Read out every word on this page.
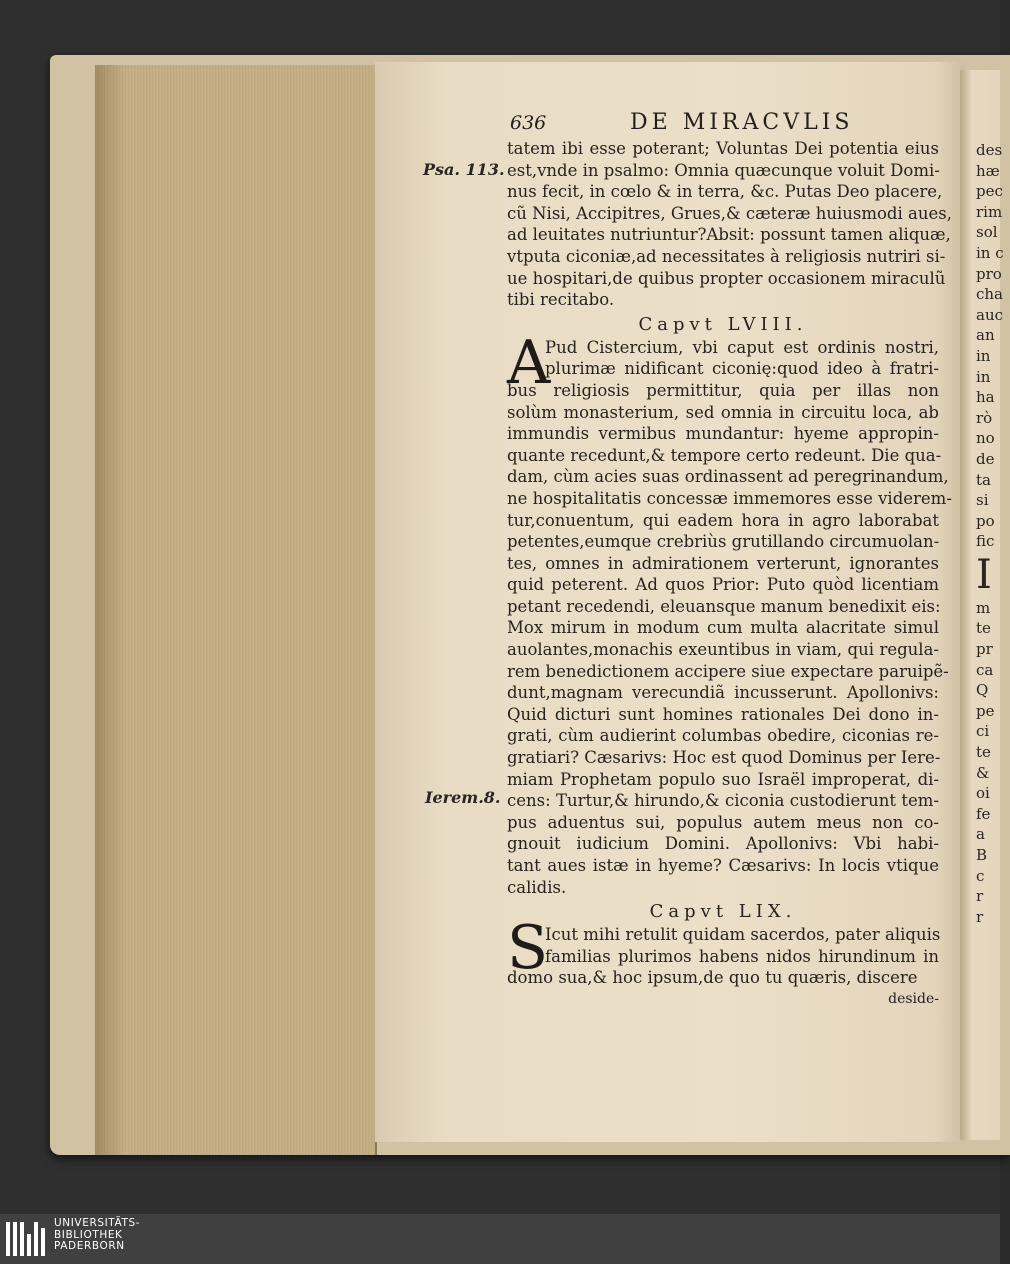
des
hæ
pec
rim
sol
in c
pro
cha
auc
an
in
in
ha
rò
no
de
ta
si
po
fic
I
m
te
pr
ca
Q
pe
ci
te
&
oi
fe
a
B
c
r
r
636	DE MIRACVLIS
Psa. 113.
Ierem.8.
tatem ibi esse poterant; Voluntas Dei potentia eius
est,vnde in psalmo: Omnia quæcunque voluit Domi-
nus fecit, in cœlo & in terra, &c. Putas Deo placere,
cũ Nisi, Accipitres, Grues,& cæteræ huiusmodi aues,
ad leuitates nutriuntur?Absit: possunt tamen aliquæ,
vtputa ciconiæ,ad necessitates à religiosis nutriri si-
ue hospitari,de quibus propter occasionem miraculũ
tibi recitabo.
Capvt LVIII.
A
Pud Cistercium, vbi caput est ordinis nostri,
plurimæ nidificant ciconię:quod ideo à fratri-
bus religiosis permittitur, quia per illas non
solùm monasterium, sed omnia in circuitu loca, ab
immundis vermibus mundantur: hyeme appropin-
quante recedunt,& tempore certo redeunt. Die qua-
dam, cùm acies suas ordinassent ad peregrinandum,
ne hospitalitatis concessæ immemores esse viderem-
tur,conuentum, qui eadem hora in agro laborabat
petentes,eumque crebriùs grutillando circumuolan-
tes, omnes in admirationem verterunt, ignorantes
quid peterent. Ad quos Prior: Puto quòd licentiam
petant recedendi, eleuansque manum benedixit eis:
Mox mirum in modum cum multa alacritate simul
auolantes,monachis exeuntibus in viam, qui regula-
rem benedictionem accipere siue expectare paruipẽ-
dunt,magnam verecundiã incusserunt. Apollonivs:
Quid dicturi sunt homines rationales Dei dono in-
grati, cùm audierint columbas obedire, ciconias re-
gratiari? Cæsarivs: Hoc est quod Dominus per Iere-
miam Prophetam populo suo Israël improperat, di-
cens: Turtur,& hirundo,& ciconia custodierunt tem-
pus aduentus sui, populus autem meus non co-
gnouit iudicium Domini. Apollonivs: Vbi habi-
tant aues istæ in hyeme? Cæsarivs: In locis vtique
calidis.
Capvt LIX.
S
Icut mihi retulit quidam sacerdos, pater aliquis
familias plurimos habens nidos hirundinum in
domo sua,& hoc ipsum,de quo tu quæris, discere
deside-
UNIVERSITÄTS-
BIBLIOTHEK
PADERBORN
